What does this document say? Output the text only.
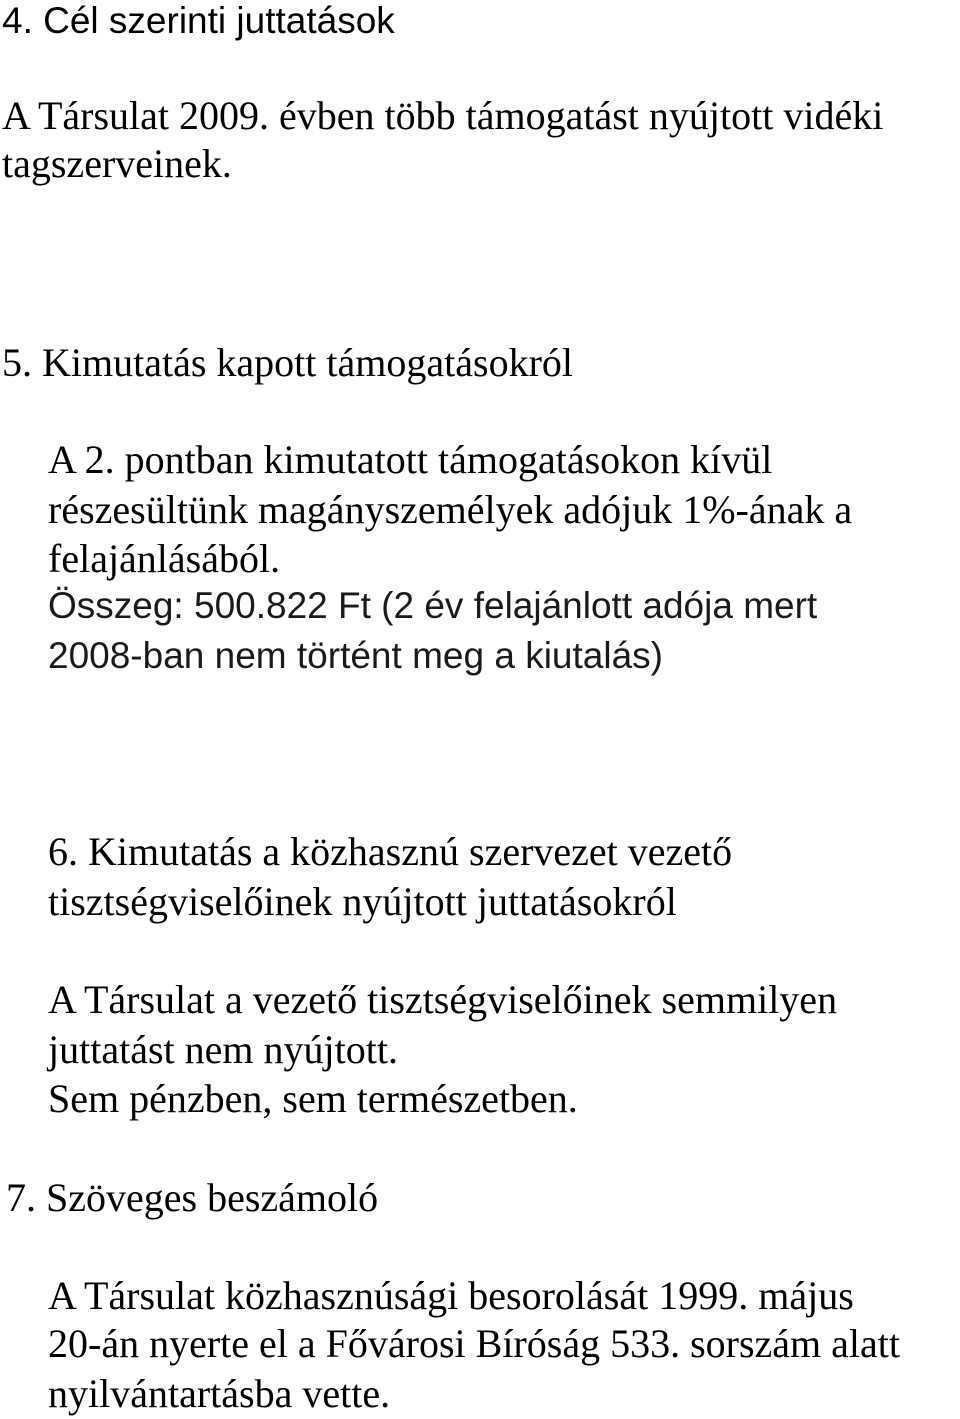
4. Cél szerinti juttatások
A Társulat 2009. évben több támogatást nyújtott vidéki
tagszerveinek.
5. Kimutatás kapott támogatásokról
A 2. pontban kimutatott támogatásokon kívül
részesültünk magányszemélyek adójuk 1%-ának a
felajánlásából.
Összeg: 500.822 Ft (2 év felajánlott adója mert
2008-ban nem történt meg a kiutalás)
6. Kimutatás a közhasznú szervezet vezető
tisztségviselőinek nyújtott juttatásokról
A Társulat a vezető tisztségviselőinek semmilyen
juttatást nem nyújtott.
Sem pénzben, sem természetben.
7. Szöveges beszámoló
A Társulat közhasznúsági besorolását 1999. május
20-án nyerte el a Fővárosi Bíróság 533. sorszám alatt
nyilvántartásba vette.
